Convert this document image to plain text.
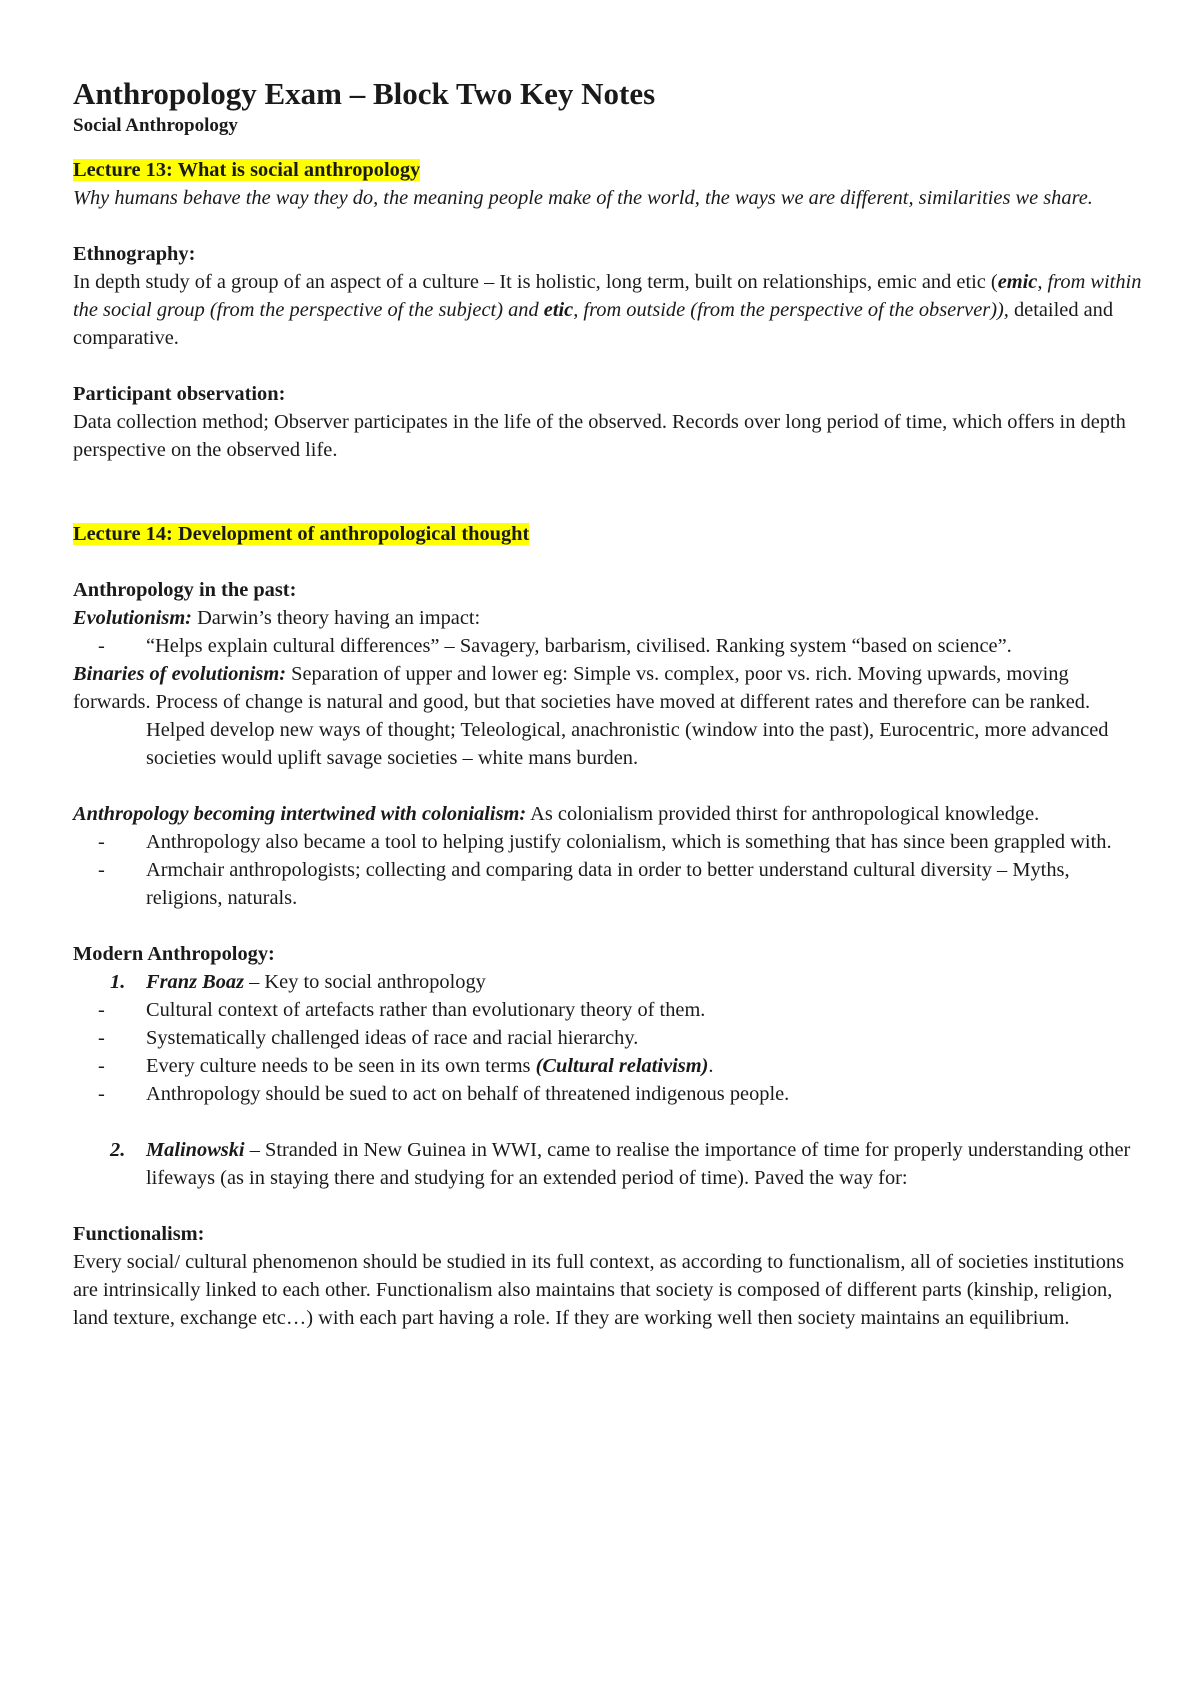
Anthropology Exam – Block Two Key Notes

Social Anthropology

Lecture 13: What is social anthropology

Why humans behave the way they do, the meaning people make of the world, the ways we are different, similarities we share.

Ethnography:

In depth study of a group of an aspect of a culture – It is holistic, long term, built on relationships, emic and etic (emic, from within the social group (from the perspective of the subject) and etic, from outside (from the perspective of the observer)), detailed and comparative.

Participant observation:

Data collection method; Observer participates in the life of the observed. Records over long period of time, which offers in depth perspective on the observed life.

Lecture 14: Development of anthropological thought

Anthropology in the past:

Evolutionism: Darwin’s theory having an impact:

- “Helps explain cultural differences” – Savagery, barbarism, civilised. Ranking system “based on science”.

Binaries of evolutionism: Separation of upper and lower eg: Simple vs. complex, poor vs. rich. Moving upwards, moving forwards. Process of change is natural and good, but that societies have moved at different rates and therefore can be ranked.

Helped develop new ways of thought; Teleological, anachronistic (window into the past), Eurocentric, more advanced societies would uplift savage societies – white mans burden.

Anthropology becoming intertwined with colonialism: As colonialism provided thirst for anthropological knowledge.

- Anthropology also became a tool to helping justify colonialism, which is something that has since been grappled with.
- Armchair anthropologists; collecting and comparing data in order to better understand cultural diversity – Myths, religions, naturals.

Modern Anthropology:

1. Franz Boaz – Key to social anthropology
- Cultural context of artefacts rather than evolutionary theory of them.
- Systematically challenged ideas of race and racial hierarchy.
- Every culture needs to be seen in its own terms (Cultural relativism).
- Anthropology should be sued to act on behalf of threatened indigenous people.
2. Malinowski – Stranded in New Guinea in WWI, came to realise the importance of time for properly understanding other lifeways (as in staying there and studying for an extended period of time). Paved the way for:

Functionalism:

Every social/ cultural phenomenon should be studied in its full context, as according to functionalism, all of societies institutions are intrinsically linked to each other. Functionalism also maintains that society is composed of different parts (kinship, religion, land texture, exchange etc…) with each part having a role. If they are working well then society maintains an equilibrium.
